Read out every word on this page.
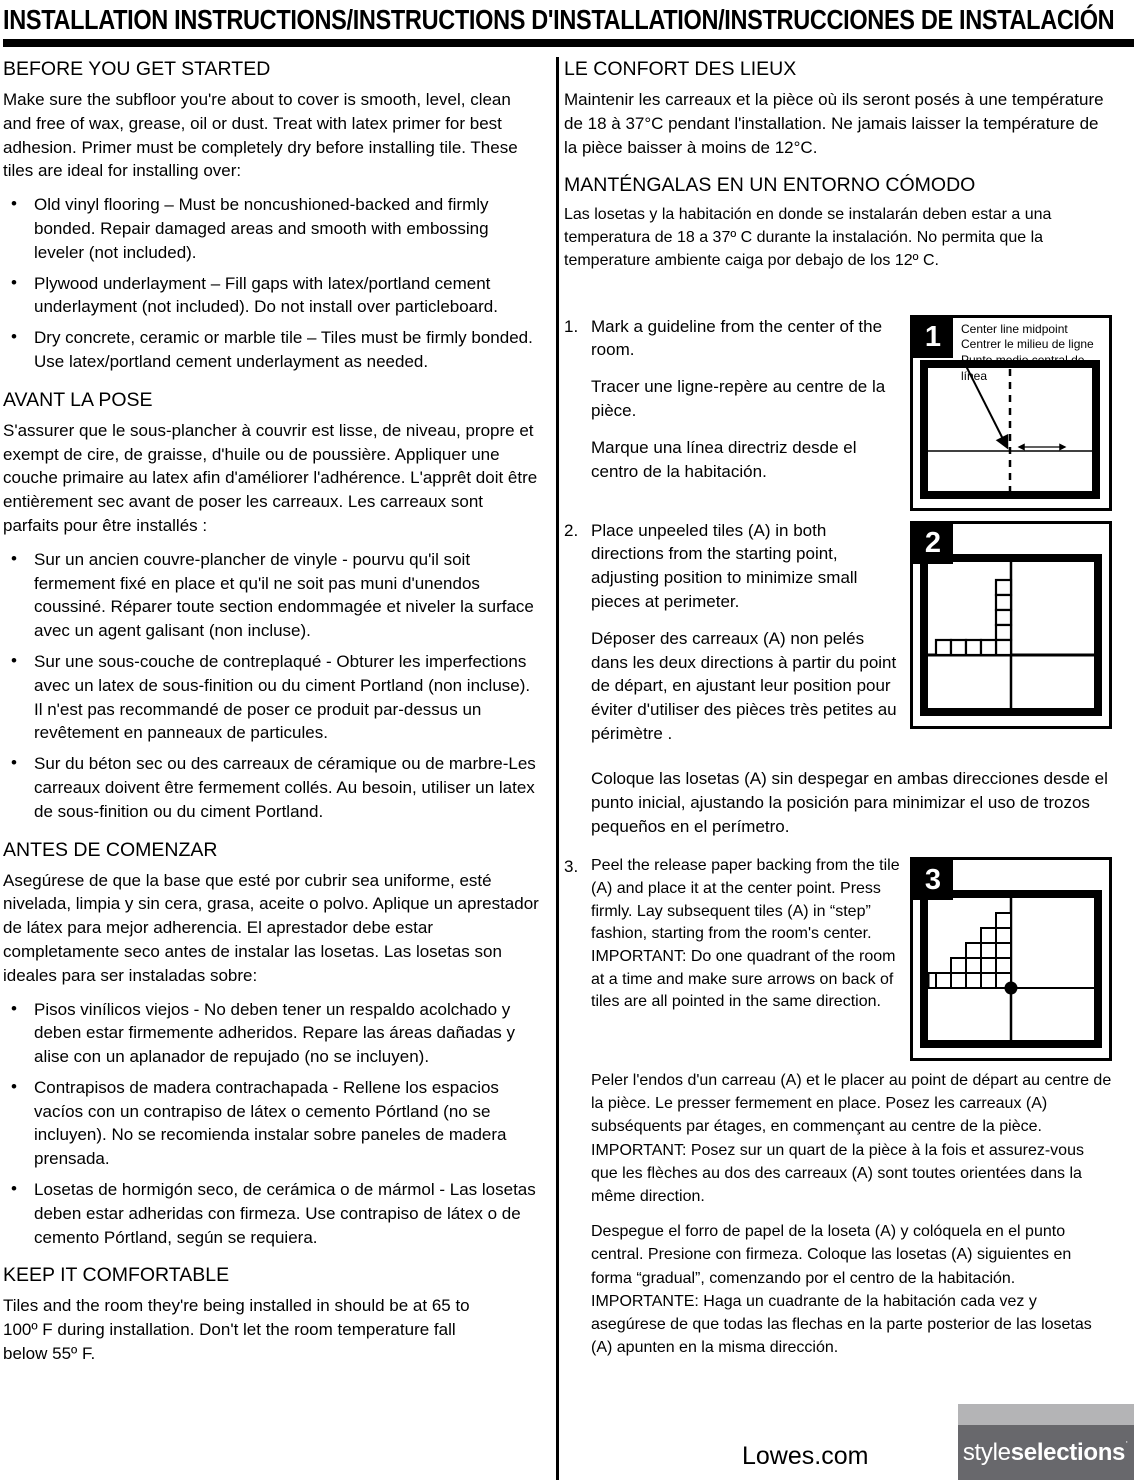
INSTALLATION INSTRUCTIONS/INSTRUCTIONS D'INSTALLATION/INSTRUCCIONES DE INSTALACIÓN
BEFORE YOU GET STARTED

Make sure the subfloor you're about to cover is smooth, level, clean and free of wax, grease, oil or dust. Treat with latex primer for best adhesion. Primer must be completely dry before installing tile. These tiles are ideal for installing over:

• Old vinyl flooring – Must be noncushioned-backed and firmly bonded. Repair damaged areas and smooth with embossing leveler (not included).
• Plywood underlayment – Fill gaps with latex/portland cement underlayment (not included). Do not install over particleboard.
• Dry concrete, ceramic or marble tile – Tiles must be firmly bonded. Use latex/portland cement underlayment as needed.
AVANT LA POSE

S'assurer que le sous-plancher à couvrir est lisse, de niveau, propre et exempt de cire, de graisse, d'huile ou de poussière. Appliquer une couche primaire au latex afin d'améliorer l'adhérence. L'apprêt doit être entièrement sec avant de poser les carreaux. Les carreaux sont parfaits pour être installés :

• Sur un ancien couvre-plancher de vinyle - pourvu qu'il soit fermement fixé en place et qu'il ne soit pas muni d'unendos coussiné. Réparer toute section endommagée et niveler la surface avec un agent galisant (non incluse).
• Sur une sous-couche de contreplaqué - Obturer les imperfections avec un latex de sous-finition ou du ciment Portland (non incluse). Il n'est pas recommandé de poser ce produit par-dessus un revêtement en panneaux de particules.
• Sur du béton sec ou des carreaux de céramique ou de marbre-Les carreaux doivent être fermement collés. Au besoin, utiliser un latex de sous-finition ou du ciment Portland.
ANTES DE COMENZAR

Asegúrese de que la base que esté por cubrir sea uniforme, esté nivelada, limpia y sin cera, grasa, aceite o polvo. Aplique un aprestador de látex para mejor adherencia. El aprestador debe estar completamente seco antes de instalar las losetas. Las losetas son ideales para ser instaladas sobre:

• Pisos vinílicos viejos - No deben tener un respaldo acolchado y deben estar firmemente adheridos. Repare las áreas dañadas y alise con un aplanador de repujado (no se incluyen).
• Contrapisos de madera contrachapada - Rellene los espacios vacíos con un contrapiso de látex o cemento Pórtland (no se incluyen). No se recomienda instalar sobre paneles de madera prensada.
• Losetas de hormigón seco, de cerámica o de mármol - Las losetas deben estar adheridas con firmeza. Use contrapiso de látex o de cemento Pórtland, según se requiera.
KEEP IT COMFORTABLE

Tiles and the room they're being installed in should be at 65 to 100º F during installation. Don't let the room temperature fall below 55º F.

LE CONFORT DES LIEUX

Maintenir les carreaux et la pièce où ils seront posés à une température de 18 à 37°C pendant l'installation. Ne jamais laisser la température de la pièce baisser à moins de 12°C.

MANTÉNGALAS EN UN ENTORNO CÓMODO

Las losetas y la habitación en donde se instalarán deben estar a una temperatura de 18 a 37º C durante la instalación. No permita que la temperature ambiente caiga por debajo de los 12º C.

1. Mark a guideline from the center of the room.

Tracer une ligne-repère au centre de la pièce.

Marque una línea directriz desde el centro de la habitación.

1	Center line midpoint
Centrer le milieu de ligne
Punto medio central de línea
2. Place unpeeled tiles (A) in both directions from the starting point, adjusting position to minimize small pieces at perimeter.

Déposer des carreaux (A) non pelés dans les deux directions à partir du point de départ, en ajustant leur position pour éviter d'utiliser des pièces très petites au périmètre .

2

Coloque las losetas (A) sin despegar en ambas direcciones desde el punto inicial, ajustando la posición para minimizar el uso de trozos pequeños en el perímetro.

3. Peel the release paper backing from the tile (A) and place it at the center point. Press firmly. Lay subsequent tiles (A) in “step” fashion, starting from the room's center. IMPORTANT: Do one quadrant of the room at a time and make sure arrows on back of tiles are all pointed in the same direction.

3

Peler l'endos d'un carreau (A) et le placer au point de départ au centre de la pièce. Le presser fermement en place. Posez les carreaux (A) subséquents par étages, en commençant au centre de la pièce. IMPORTANT: Posez sur un quart de la pièce à la fois et assurez-vous que les flèches au dos des carreaux (A) sont toutes orientées dans la même direction.

Despegue el forro de papel de la loseta (A) y colóquela en el punto central. Presione con firmeza. Coloque las losetas (A) siguientes en forma “gradual”, comenzando por el centro de la habitación. IMPORTANTE: Haga un cuadrante de la habitación cada vez y asegúrese de que todas las flechas en la parte posterior de las losetas (A) apunten en la misma dirección.

Lowes.com	style selections ˙
